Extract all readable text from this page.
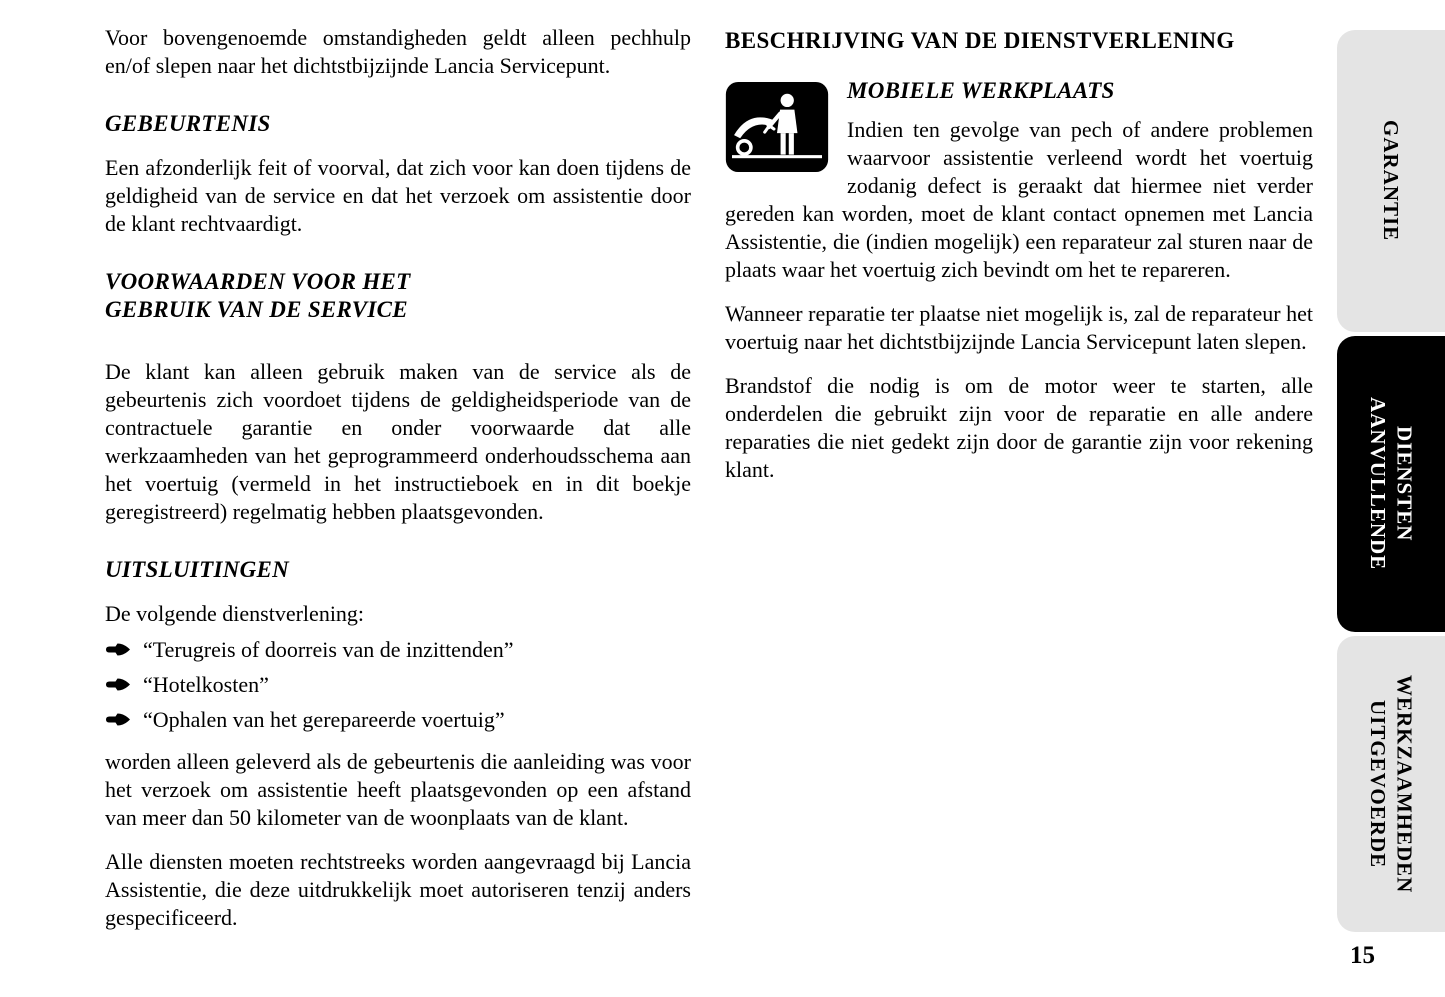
Voor bovengenoemde omstandigheden geldt alleen pechhulp en/of slepen naar het dichtstbijzijnde Lancia Servicepunt.

GEBEURTENIS

Een afzonderlijk feit of voorval, dat zich voor kan doen tijdens de geldigheid van de service en dat het verzoek om assistentie door de klant rechtvaardigt.

VOORWAARDEN VOOR HET
GEBRUIK VAN DE SERVICE

De klant kan alleen gebruik maken van de service als de gebeurtenis zich voordoet tijdens de geldigheidsperiode van de contractuele garantie en onder voorwaarde dat alle werkzaamheden van het geprogrammeerd onderhoudsschema aan het voertuig (vermeld in het instructieboek en in dit boekje geregistreerd) regelmatig hebben plaatsgevonden.

UITSLUITINGEN

De volgende dienstverlening:

“Terugreis of doorreis van de inzittenden”
“Hotelkosten”
“Ophalen van het gerepareerde voertuig”

worden alleen geleverd als de gebeurtenis die aanleiding was voor het verzoek om assistentie heeft plaatsgevonden op een afstand van meer dan 50 kilometer van de woonplaats van de klant.

Alle diensten moeten rechtstreeks worden aangevraagd bij Lancia Assistentie, die deze uitdrukkelijk moet autoriseren tenzij anders gespecificeerd.

BESCHRIJVING VAN DE DIENSTVERLENING
MOBIELE WERKPLAATS

Indien ten gevolge van pech of andere problemen waarvoor assistentie verleend wordt het voertuig zodanig defect is geraakt dat hiermee niet verder gereden kan worden, moet de klant contact opnemen met Lancia Assistentie, die (indien mogelijk) een reparateur zal sturen naar de plaats waar het voertuig zich bevindt om het te repareren.

Wanneer reparatie ter plaatse niet mogelijk is, zal de reparateur het voertuig naar het dichtstbijzijnde Lancia Servicepunt laten slepen.

Brandstof die nodig is om de motor weer te starten, alle onderdelen die gebruikt zijn voor de reparatie en alle andere reparaties die niet gedekt zijn door de garantie zijn voor rekening klant.

GARANTIE
AANVULLENDE DIENSTEN
UITGEVOERDE WERKZAAMHEDEN
15
